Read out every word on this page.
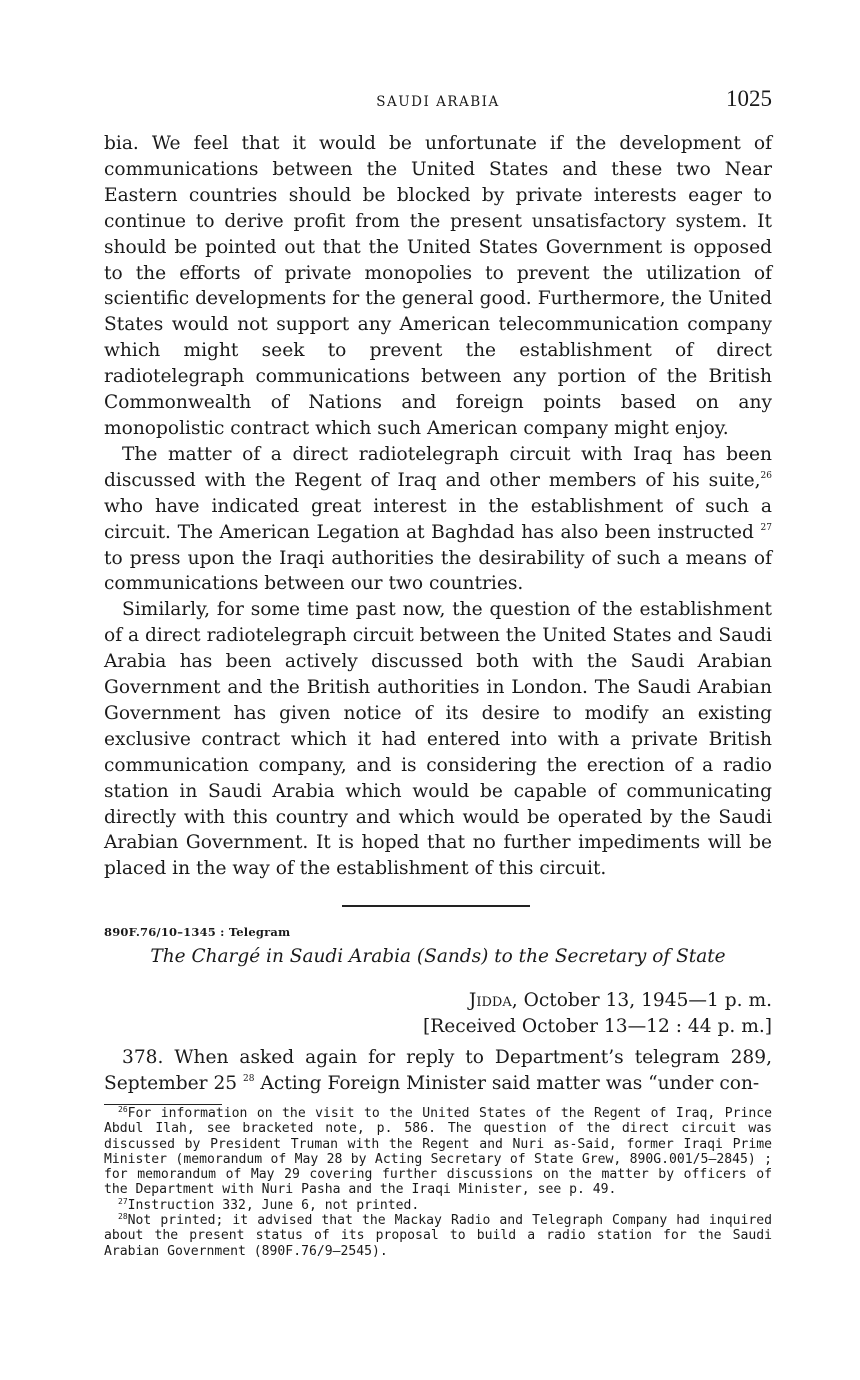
SAUDI ARABIA	1025

bia. We feel that it would be unfortunate if the development of communications between the United States and these two Near Eastern countries should be blocked by private interests eager to continue to derive profit from the present unsatisfactory system. It should be pointed out that the United States Government is opposed to the efforts of private monopolies to prevent the utilization of scientific developments for the general good. Furthermore, the United States would not support any American telecommunication company which might seek to prevent the establishment of direct radiotelegraph communications between any portion of the British Commonwealth of Nations and foreign points based on any monopolistic contract which such American company might enjoy.

The matter of a direct radiotelegraph circuit with Iraq has been discussed with the Regent of Iraq and other members of his suite,$^{26}$ who have indicated great interest in the establishment of such a circuit. The American Legation at Baghdad has also been instructed $^{27}$ to press upon the Iraqi authorities the desirability of such a means of communications between our two countries.

Similarly, for some time past now, the question of the establishment of a direct radiotelegraph circuit between the United States and Saudi Arabia has been actively discussed both with the Saudi Arabian Government and the British authorities in London. The Saudi Arabian Government has given notice of its desire to modify an existing exclusive contract which it had entered into with a private British communication company, and is considering the erection of a radio station in Saudi Arabia which would be capable of communicating directly with this country and which would be operated by the Saudi Arabian Government. It is hoped that no further impediments will be placed in the way of the establishment of this circuit.

890F.76/10–1345 : Telegram
The Chargé in Saudi Arabia (Sands) to the Secretary of State
Jidda, October 13, 1945—1 p. m.
[Received October 13—12 : 44 p. m.]

378. When asked again for reply to Department’s telegram 289, September 25 $^{28}$ Acting Foreign Minister said matter was “under con-

$^{26}$For information on the visit to the United States of the Regent of Iraq, Prince Abdul Ilah, see bracketed note, p. 586. The question of the direct circuit was discussed by President Truman with the Regent and Nuri as-Said, former Iraqi Prime Minister (memorandum of May 28 by Acting Secretary of State Grew, 890G.001/5–2845) ; for memorandum of May 29 covering further discussions on the matter by officers of the Department with Nuri Pasha and the Iraqi Minister, see p. 49.

$^{27}$Instruction 332, June 6, not printed.

$^{28}$Not printed; it advised that the Mackay Radio and Telegraph Company had inquired about the present status of its proposal to build a radio station for the Saudi Arabian Government (890F.76/9–2545).
